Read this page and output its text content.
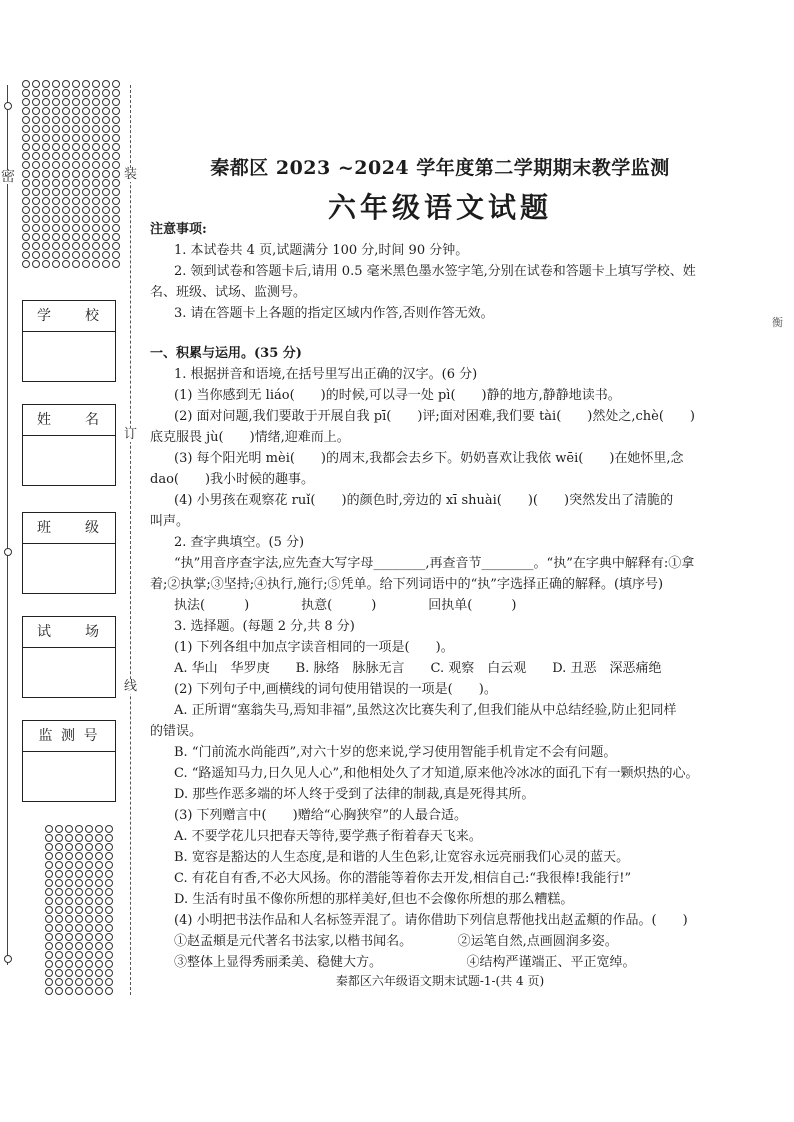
密	装
订
线
学　　校
姓　　名
班　　级
试　　场
监 测 号
秦都区 2023 ~2024 学年度第二学期期末教学监测
六年级语文试题
注意事项:
1. 本试卷共 4 页,试题满分 100 分,时间 90 分钟。
2. 领到试卷和答题卡后,请用 0.5 毫米黑色墨水签字笔,分别在试卷和答题卡上填写学校、姓
名、班级、试场、监测号。
3. 请在答题卡上各题的指定区域内作答,否则作答无效。
一、积累与运用。(35 分)
1. 根据拼音和语境,在括号里写出正确的汉字。(6 分)
(1) 当你感到无 liáo(　　)的时候,可以寻一处 pì(　　)静的地方,静静地读书。
(2) 面对问题,我们要敢于开展自我 pī(　　)评;面对困难,我们要 tài(　　)然处之,chè(　　)
底克服畏 jù(　　)情绪,迎难而上。
(3) 每个阳光明 mèi(　　)的周末,我都会去乡下。奶奶喜欢让我依 wēi(　　)在她怀里,念
dao(　　)我小时候的趣事。
(4) 小男孩在观察花 ruǐ(　　)的颜色时,旁边的 xī shuài(　　)(　　)突然发出了清脆的
叫声。
2. 查字典填空。(5 分)
“执”用音序查字法,应先查大写字母________,再查音节________。“执”在字典中解释有:①拿
着;②执掌;③坚持;④执行,施行;⑤凭单。给下列词语中的“执”字选择正确的解释。(填序号)
执法(　　　)　　　　执意(　　　)　　　　回执单(　　　)
3. 选择题。(每题 2 分,共 8 分)
(1) 下列各组中加点字读音相同的一项是(　　)。
A. 华山　华罗庚　　B. 脉络　脉脉无言　　C. 观察　白云观　　D. 丑恶　深恶痛绝
(2) 下列句子中,画横线的词句使用错误的一项是(　　)。
A. 正所谓“塞翁失马,焉知非福”,虽然这次比赛失利了,但我们能从中总结经验,防止犯同样
的错误。
B. “门前流水尚能西”,对六十岁的您来说,学习使用智能手机肯定不会有问题。
C. “路遥知马力,日久见人心”,和他相处久了才知道,原来他冷冰冰的面孔下有一颗炽热的心。
D. 那些作恶多端的坏人终于受到了法律的制裁,真是死得其所。
(3) 下列赠言中(　　)赠给“心胸狭窄”的人最合适。
A. 不要学花儿只把春天等待,要学燕子衔着春天飞来。
B. 宽容是豁达的人生态度,是和谐的人生色彩,让宽容永远亮丽我们心灵的蓝天。
C. 有花自有香,不必大风扬。你的潜能等着你去开发,相信自己:“我很棒!我能行!”
D. 生活有时虽不像你所想的那样美好,但也不会像你所想的那么糟糕。
(4) 小明把书法作品和人名标签弄混了。请你借助下列信息帮他找出赵孟頫的作品。(　　)
①赵孟頫是元代著名书法家,以楷书闻名。　　　　②运笔自然,点画圆润多姿。
③整体上显得秀丽柔美、稳健大方。　　　　　　　④结构严谨端正、平正宽绰。
秦都区六年级语文期末试题-1-(共 4 页)
衡
